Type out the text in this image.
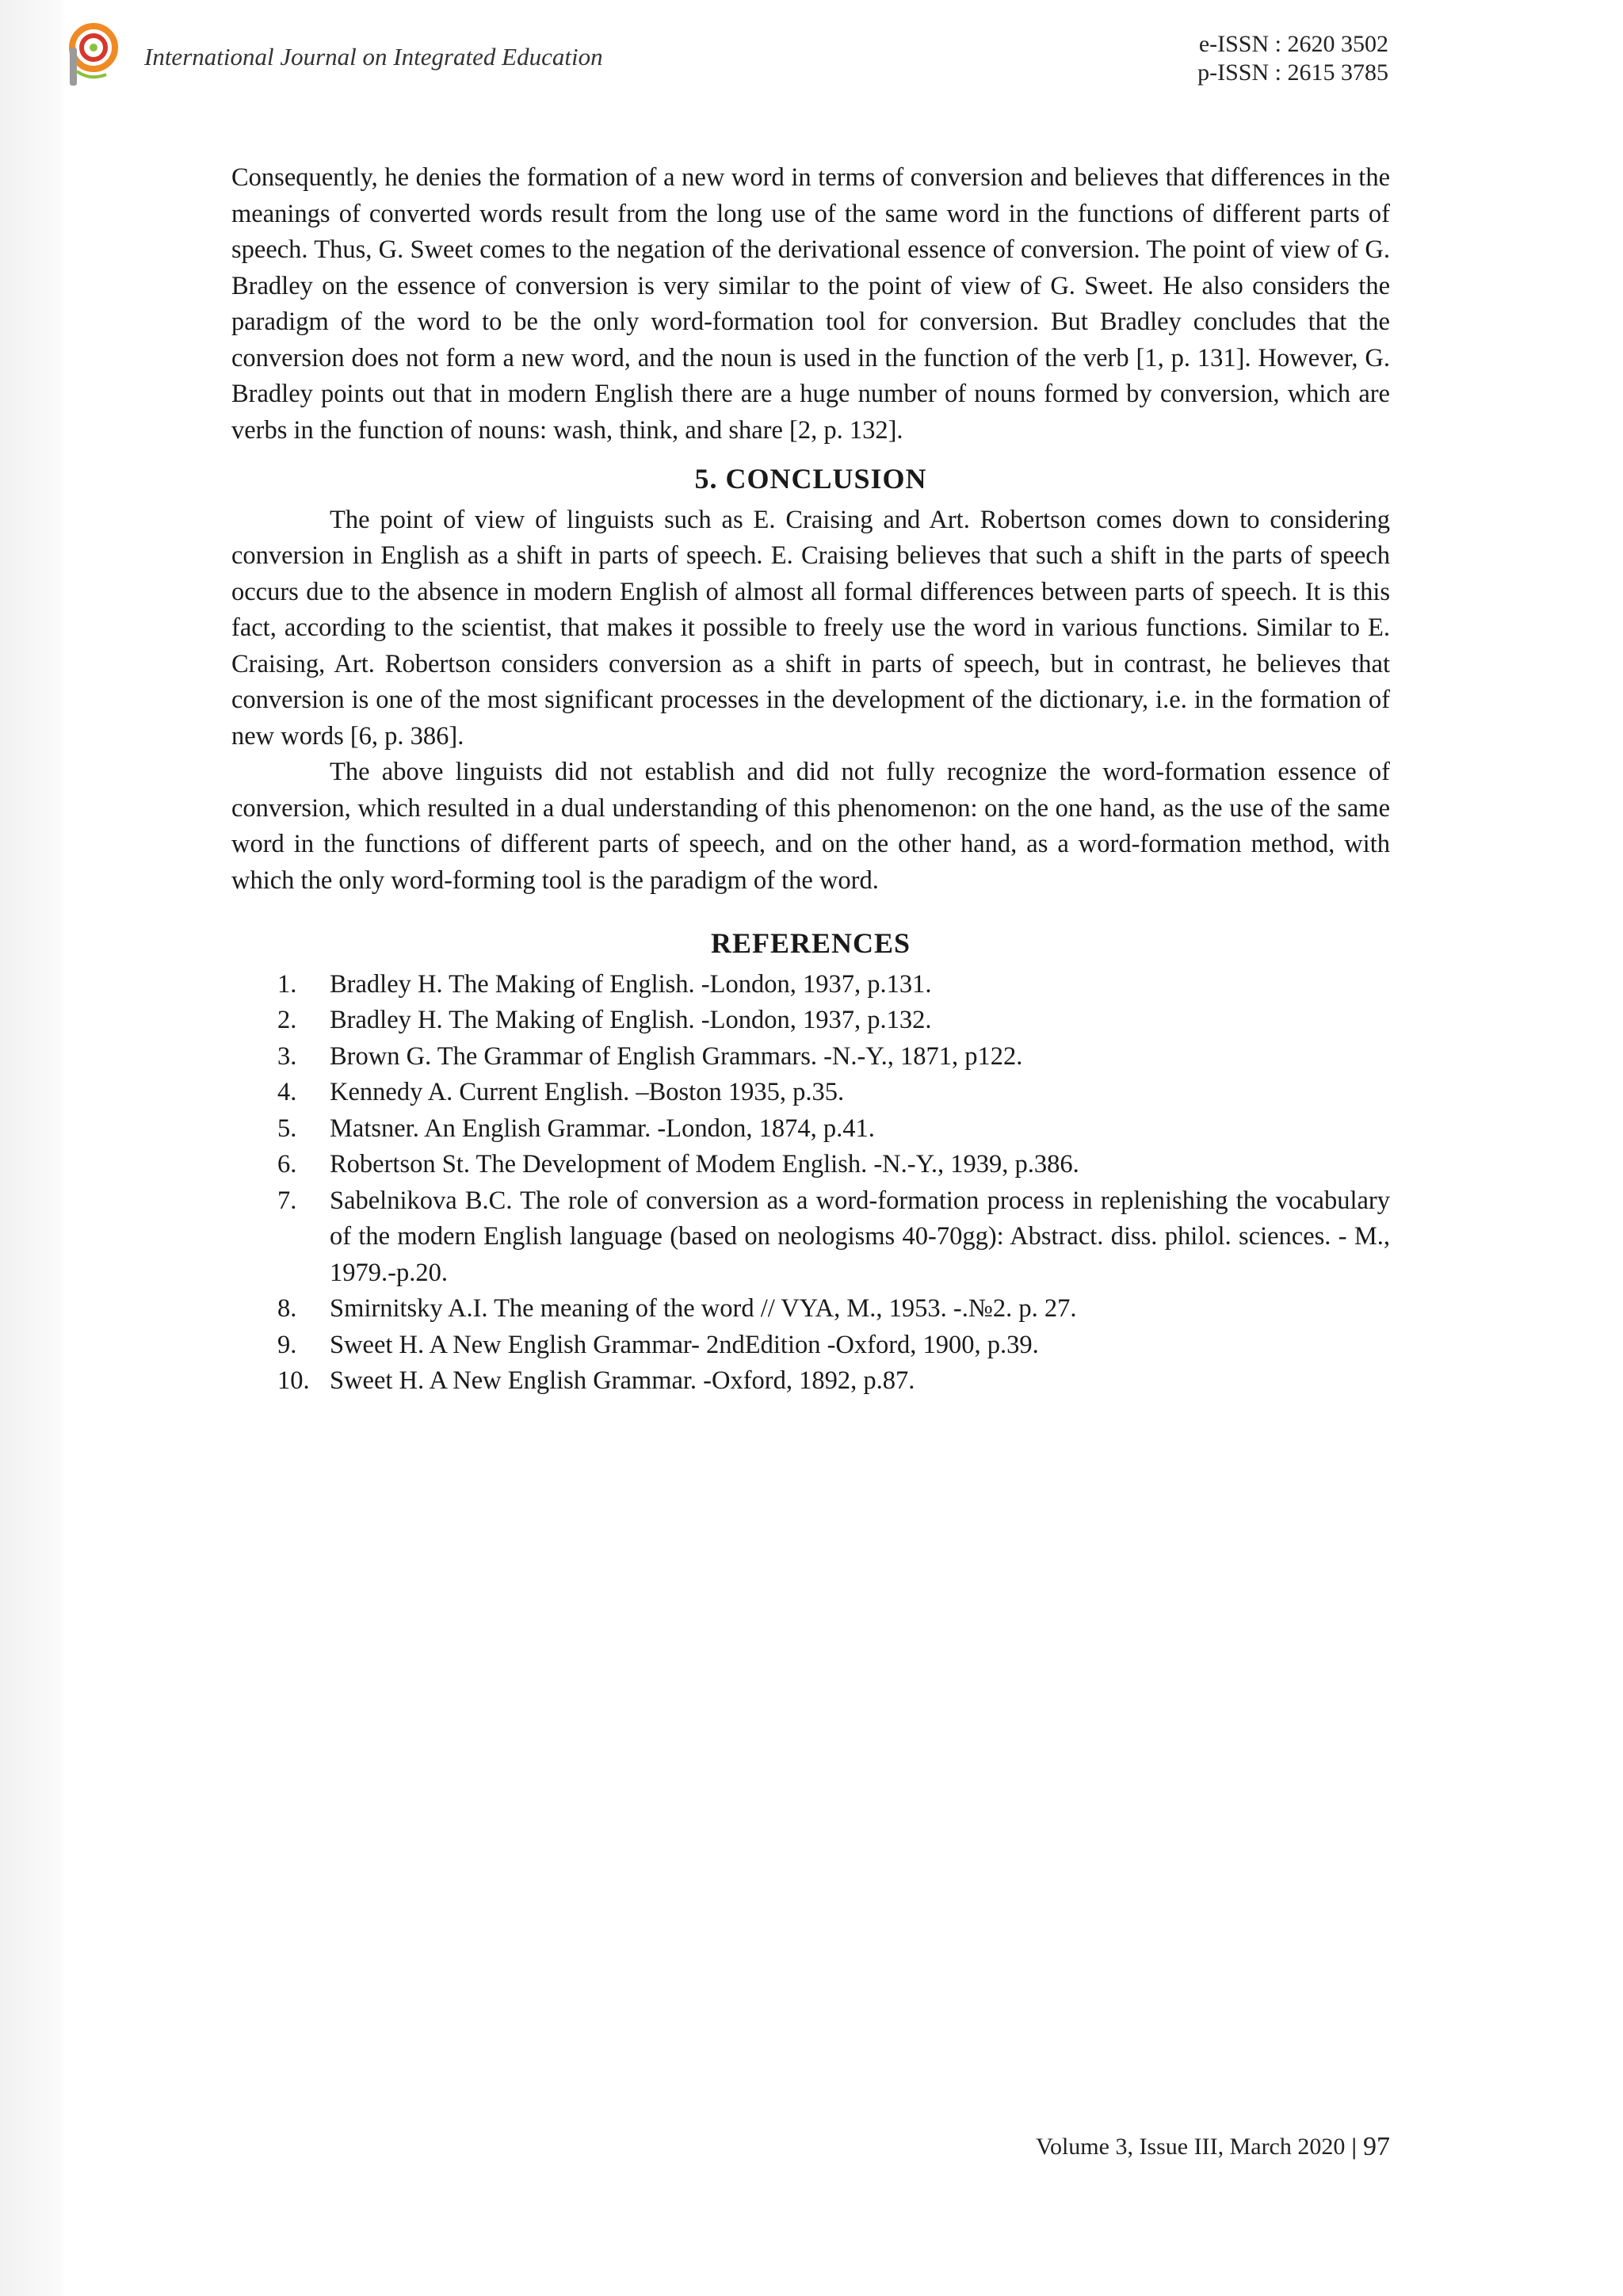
International Journal on Integrated Education	e-ISSN : 2620 3502
p-ISSN : 2615 3785

Consequently, he denies the formation of a new word in terms of conversion and believes that differences in the meanings of converted words result from the long use of the same word in the functions of different parts of speech. Thus, G. Sweet comes to the negation of the derivational essence of conversion. The point of view of G. Bradley on the essence of conversion is very similar to the point of view of G. Sweet. He also considers the paradigm of the word to be the only word-formation tool for conversion. But Bradley concludes that the conversion does not form a new word, and the noun is used in the function of the verb [1, p. 131]. However, G. Bradley points out that in modern English there are a huge number of nouns formed by conversion, which are verbs in the function of nouns: wash, think, and share [2, p. 132].

5. CONCLUSION

The point of view of linguists such as E. Craising and Art. Robertson comes down to considering conversion in English as a shift in parts of speech. E. Craising believes that such a shift in the parts of speech occurs due to the absence in modern English of almost all formal differences between parts of speech. It is this fact, according to the scientist, that makes it possible to freely use the word in various functions. Similar to E. Craising, Art. Robertson considers conversion as a shift in parts of speech, but in contrast, he believes that conversion is one of the most significant processes in the development of the dictionary, i.e. in the formation of new words [6, p. 386].

The above linguists did not establish and did not fully recognize the word-formation essence of conversion, which resulted in a dual understanding of this phenomenon: on the one hand, as the use of the same word in the functions of different parts of speech, and on the other hand, as a word-formation method, with which the only word-forming tool is the paradigm of the word.

REFERENCES
1.	Bradley H. The Making of English. -London, 1937, p.131.
2.	Bradley H. The Making of English. -London, 1937, p.132.
3.	Brown G. The Grammar of English Grammars. -N.-Y., 1871, p122.
4.	Kennedy A. Current English. –Boston 1935, p.35.
5.	Matsner. An English Grammar. -London, 1874, p.41.
6.	Robertson St. The Development of Modem English. -N.-Y., 1939, p.386.
7.	Sabelnikova B.C. The role of conversion as a word-formation process in replenishing the vocabulary of the modern English language (based on neologisms 40-70gg): Abstract. diss. philol. sciences. - M., 1979.-p.20.
8.	Smirnitsky A.I. The meaning of the word // VYA, M., 1953. -.№2. p. 27.
9.	Sweet H. A New English Grammar- 2ndEdition -Oxford, 1900, p.39.
10. Sweet H. A New English Grammar. -Oxford, 1892, p.87.
Volume 3, Issue III, March 2020 | 97
